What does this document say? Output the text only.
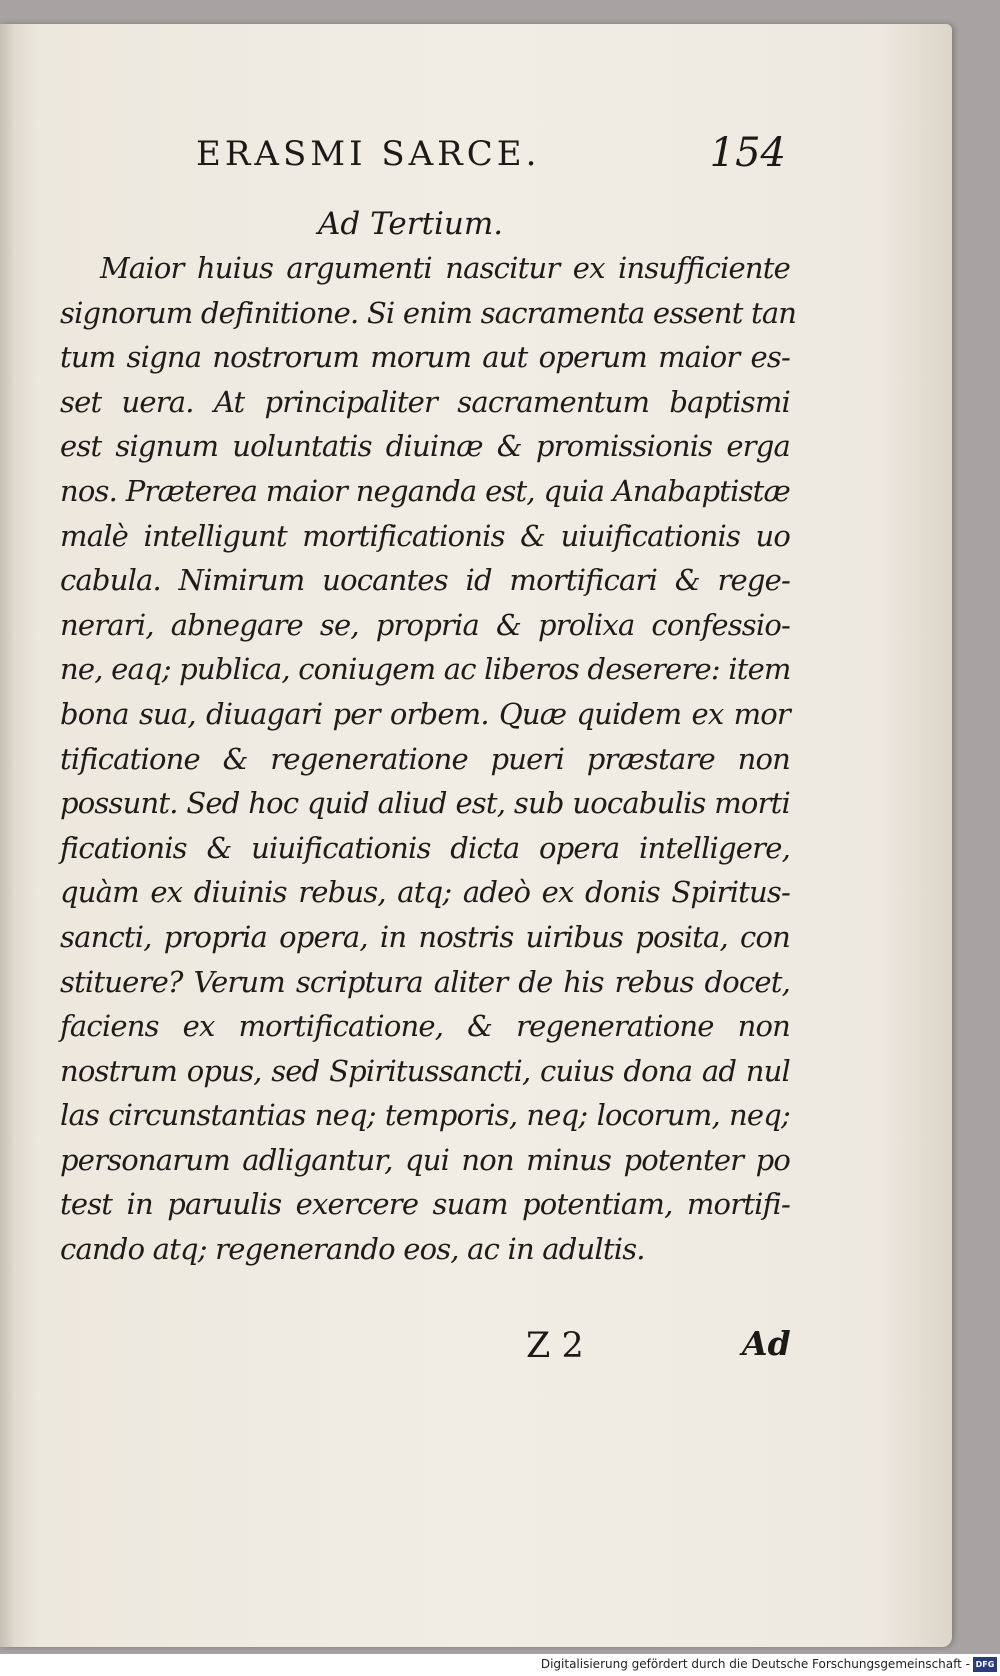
ERASMI SARCE.	154
Ad Tertium.
Maior huius argumenti nascitur ex insufficiente
signorum definitione. Si enim sacramenta essent tan
tum signa nostrorum morum aut operum maior es-
set uera. At principaliter sacramentum baptismi
est signum uoluntatis diuinæ & promissionis erga
nos. Præterea maior neganda est, quia Anabaptistæ
malè intelligunt mortificationis & uiuificationis uo
cabula. Nimirum uocantes id mortificari & rege-
nerari, abnegare se, propria & prolixa confessio-
ne, eaq; publica, coniugem ac liberos deserere: item
bona sua, diuagari per orbem. Quæ quidem ex mor
tificatione & regeneratione pueri præstare non
possunt. Sed hoc quid aliud est, sub uocabulis morti
ficationis & uiuificationis dicta opera intelligere,
quàm ex diuinis rebus, atq; adeò ex donis Spiritus-
sancti, propria opera, in nostris uiribus posita, con
stituere? Verum scriptura aliter de his rebus docet,
faciens ex mortificatione, & regeneratione non
nostrum opus, sed Spiritussancti, cuius dona ad nul
las circunstantias neq; temporis, neq; locorum, neq;
personarum adligantur, qui non minus potenter po
test in paruulis exercere suam potentiam, mortifi-
cando atq; regenerando eos, ac in adultis.
Z 2	Ad
Digitalisierung gefördert durch die Deutsche Forschungsgemeinschaft - DFG
